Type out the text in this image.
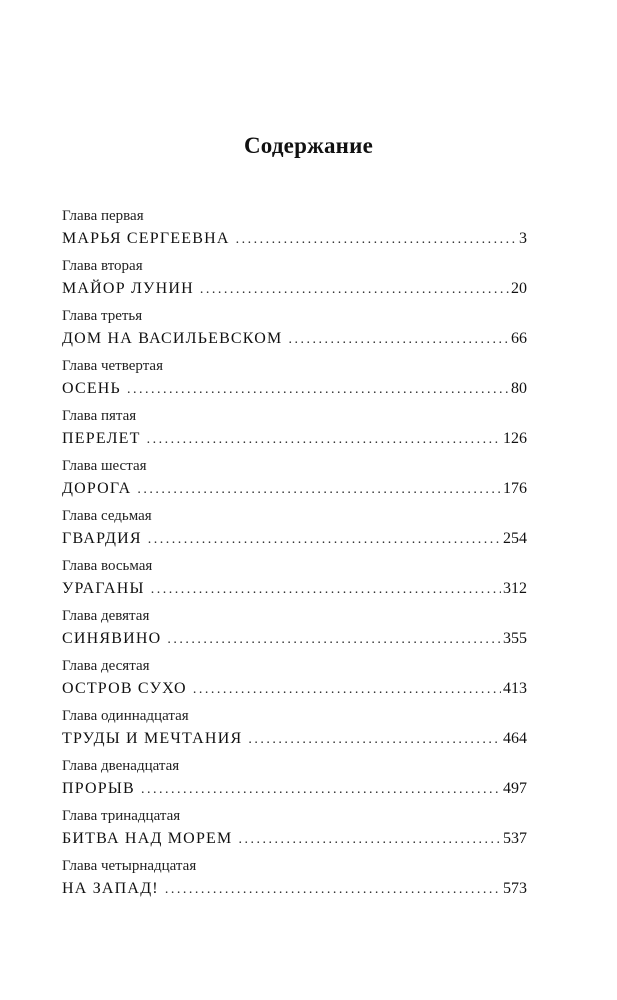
Содержание
Глава первая
МАРЬЯ СЕРГЕЕВНА .....	3
Глава вторая
МАЙОР ЛУНИН .....	20
Глава третья
ДОМ НА ВАСИЛЬЕВСКОМ .....	66
Глава четвертая
ОСЕНЬ .....	80
Глава пятая
ПЕРЕЛЕТ .....	126
Глава шестая
ДОРОГА .....	176
Глава седьмая
ГВАРДИЯ .....	254
Глава восьмая
УРАГАНЫ .....	312
Глава девятая
СИНЯВИНО .....	355
Глава десятая
ОСТРОВ СУХО .....	413
Глава одиннадцатая
ТРУДЫ И МЕЧТАНИЯ .....	464
Глава двенадцатая
ПРОРЫВ .....	497
Глава тринадцатая
БИТВА НАД МОРЕМ .....	537
Глава четырнадцатая
НА ЗАПАД! .....	573
